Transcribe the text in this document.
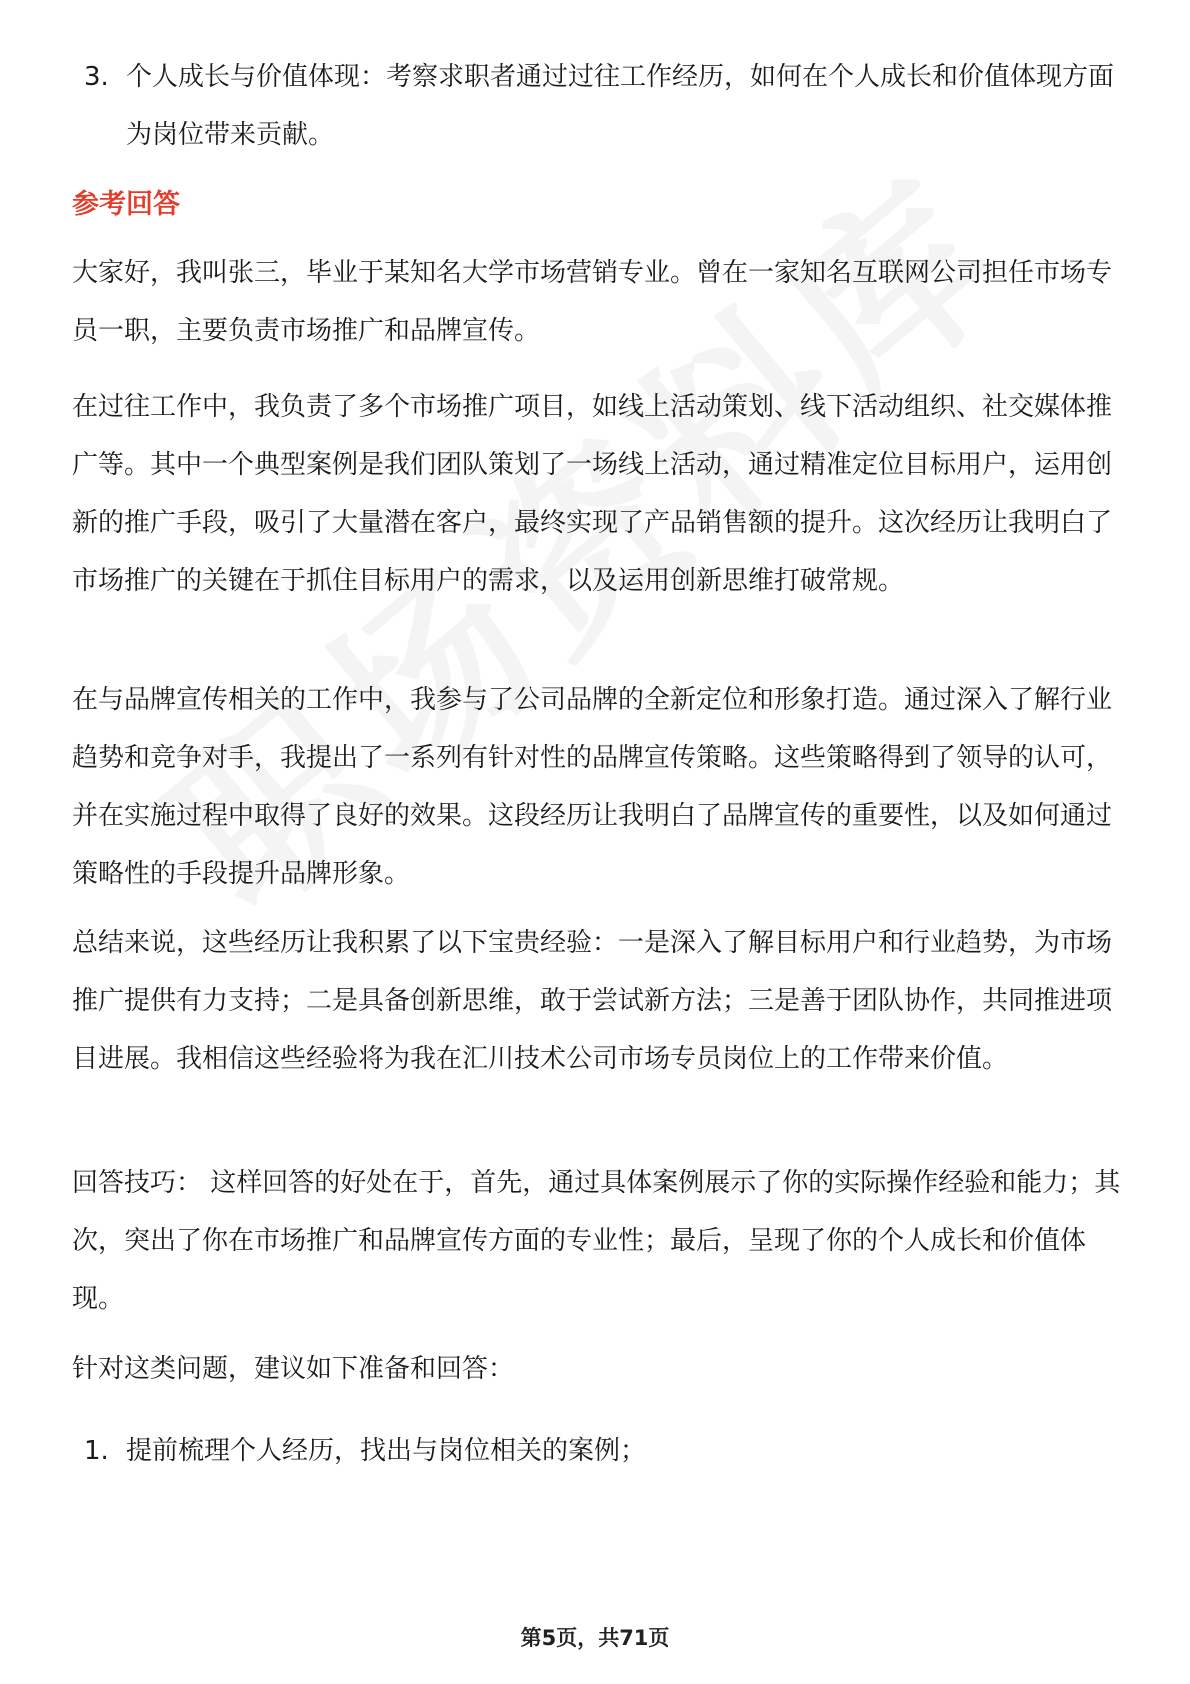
3. 个人成长与价值体现：考察求职者通过过往工作经历，如何在个人成长和价值体现方面为岗位带来贡献。
参考回答

大家好，我叫张三，毕业于某知名大学市场营销专业。曾在一家知名互联网公司担任市场专员一职，主要负责市场推广和品牌宣传。

在过往工作中，我负责了多个市场推广项目，如线上活动策划、线下活动组织、社交媒体推广等。其中一个典型案例是我们团队策划了一场线上活动，通过精准定位目标用户，运用创新的推广手段，吸引了大量潜在客户，最终实现了产品销售额的提升。这次经历让我明白了市场推广的关键在于抓住目标用户的需求，以及运用创新思维打破常规。

在与品牌宣传相关的工作中，我参与了公司品牌的全新定位和形象打造。通过深入了解行业趋势和竞争对手，我提出了一系列有针对性的品牌宣传策略。这些策略得到了领导的认可，并在实施过程中取得了良好的效果。这段经历让我明白了品牌宣传的重要性，以及如何通过策略性的手段提升品牌形象。

总结来说，这些经历让我积累了以下宝贵经验：一是深入了解目标用户和行业趋势，为市场推广提供有力支持；二是具备创新思维，敢于尝试新方法；三是善于团队协作，共同推进项目进展。我相信这些经验将为我在汇川技术公司市场专员岗位上的工作带来价值。

回答技巧： 这样回答的好处在于，首先，通过具体案例展示了你的实际操作经验和能力；其次，突出了你在市场推广和品牌宣传方面的专业性；最后，呈现了你的个人成长和价值体现。

针对这类问题，建议如下准备和回答：

1. 提前梳理个人经历，找出与岗位相关的案例；
第5页，共71页
